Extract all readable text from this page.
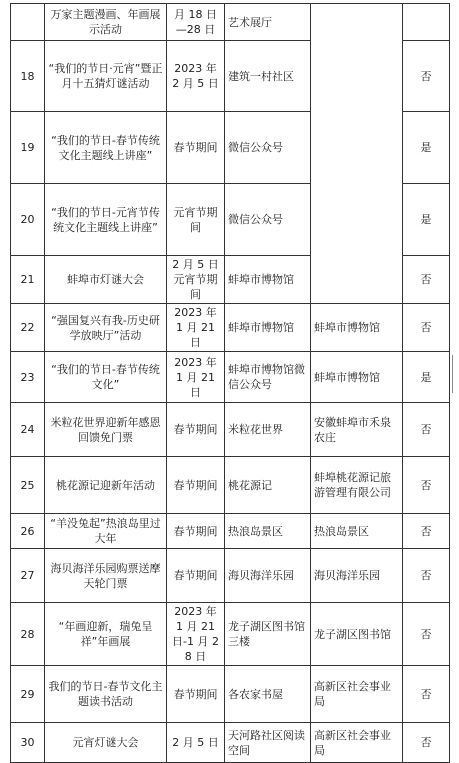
	万家主题漫画、年画展示活动	月 18 日—28 日	艺术展厅		
18	“我们的节日·元宵”暨正月十五猜灯谜活动	2023 年 2 月 5 日	建筑一村社区		否
19	“我们的节日-春节传统文化主题线上讲座”	春节期间	微信公众号		是
20	“我们的节日-元宵节传统文化主题线上讲座”	元宵节期间	微信公众号		是
21	蚌埠市灯谜大会	2 月 5 日元宵节期间	蚌埠市博物馆		否
22	“强国复兴有我-历史研学放映厅”活动	2023 年 1 月 21 日	蚌埠市博物馆	蚌埠市博物馆	否
23	“我们的节日-春节传统文化”	2023 年 1 月 21 日	蚌埠市博物馆微信公众号	蚌埠市博物馆	是
24	米粒花世界迎新年感恩回馈免门票	春节期间	米粒花世界	安徽蚌埠市禾泉农庄	否
25	桃花源记迎新年活动	春节期间	桃花源记	蚌埠桃花源记旅游管理有限公司	否
26	“羊没兔起”热浪岛里过大年	春节期间	热浪岛景区	热浪岛景区	否
27	海贝海洋乐园购票送摩天轮门票	春节期间	海贝海洋乐园	海贝海洋乐园	否
28	“年画迎新，瑞兔呈祥”年画展	2023 年 1 月 21 日-1 月 28 日	龙子湖区图书馆三楼	龙子湖区图书馆	否
29	我们的节日-春节文化主题读书活动	春节期间	各农家书屋	高新区社会事业局	否
30	元宵灯谜大会	2 月 5 日	天河路社区阅读空间	高新区社会事业局	否
